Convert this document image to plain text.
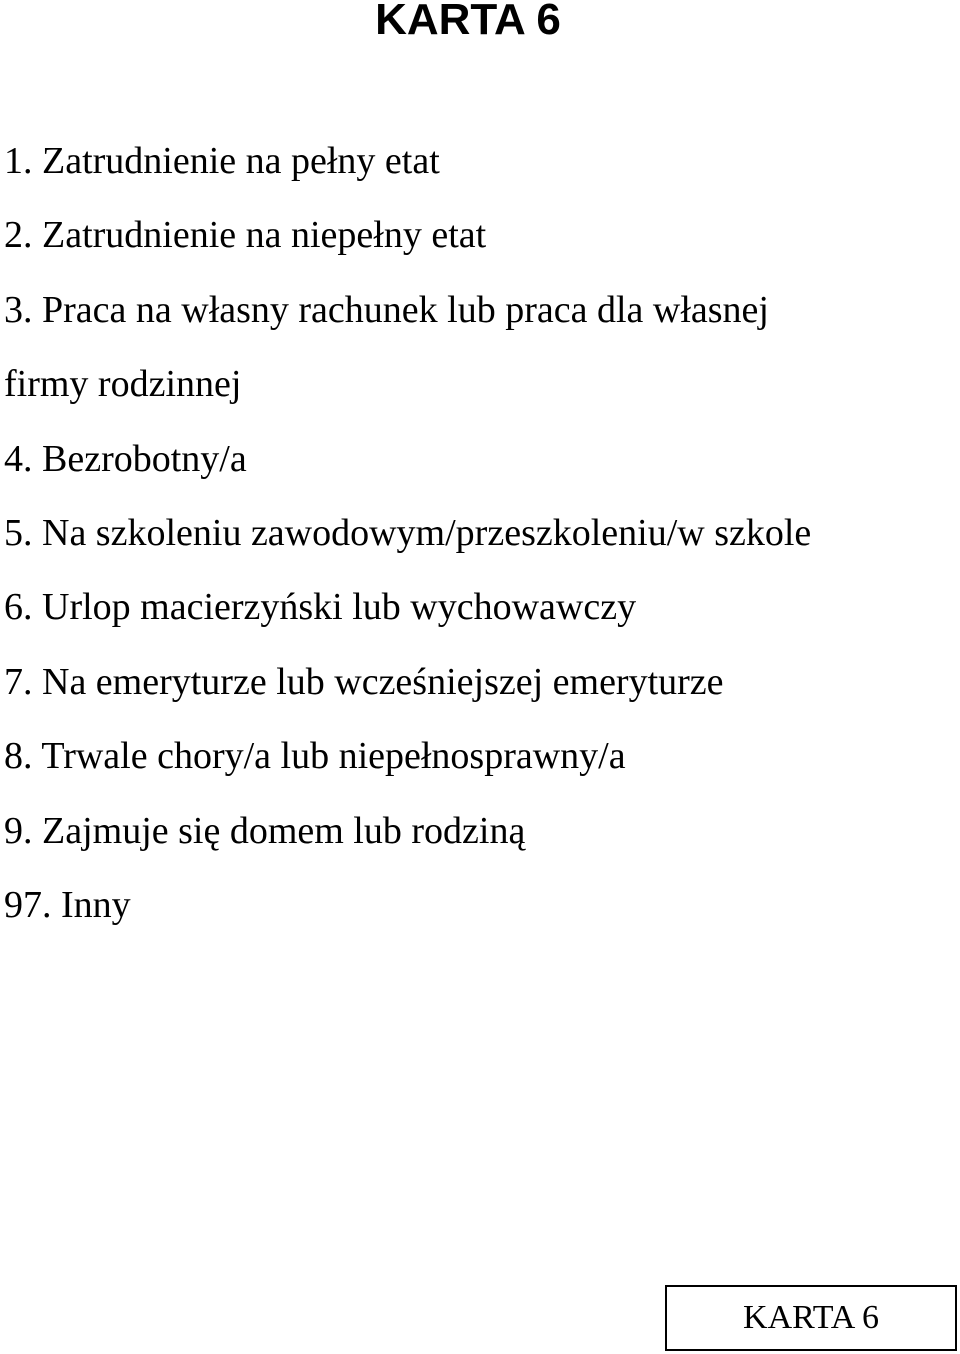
KARTA 6
1. Zatrudnienie na pełny etat
2. Zatrudnienie na niepełny etat
3. Praca na własny rachunek lub praca dla własnej
firmy rodzinnej
4. Bezrobotny/a
5. Na szkoleniu zawodowym/przeszkoleniu/w szkole
6. Urlop macierzyński lub wychowawczy
7. Na emeryturze lub wcześniejszej emeryturze
8. Trwale chory/a lub niepełnosprawny/a
9. Zajmuje się domem lub rodziną
97. Inny
KARTA 6
